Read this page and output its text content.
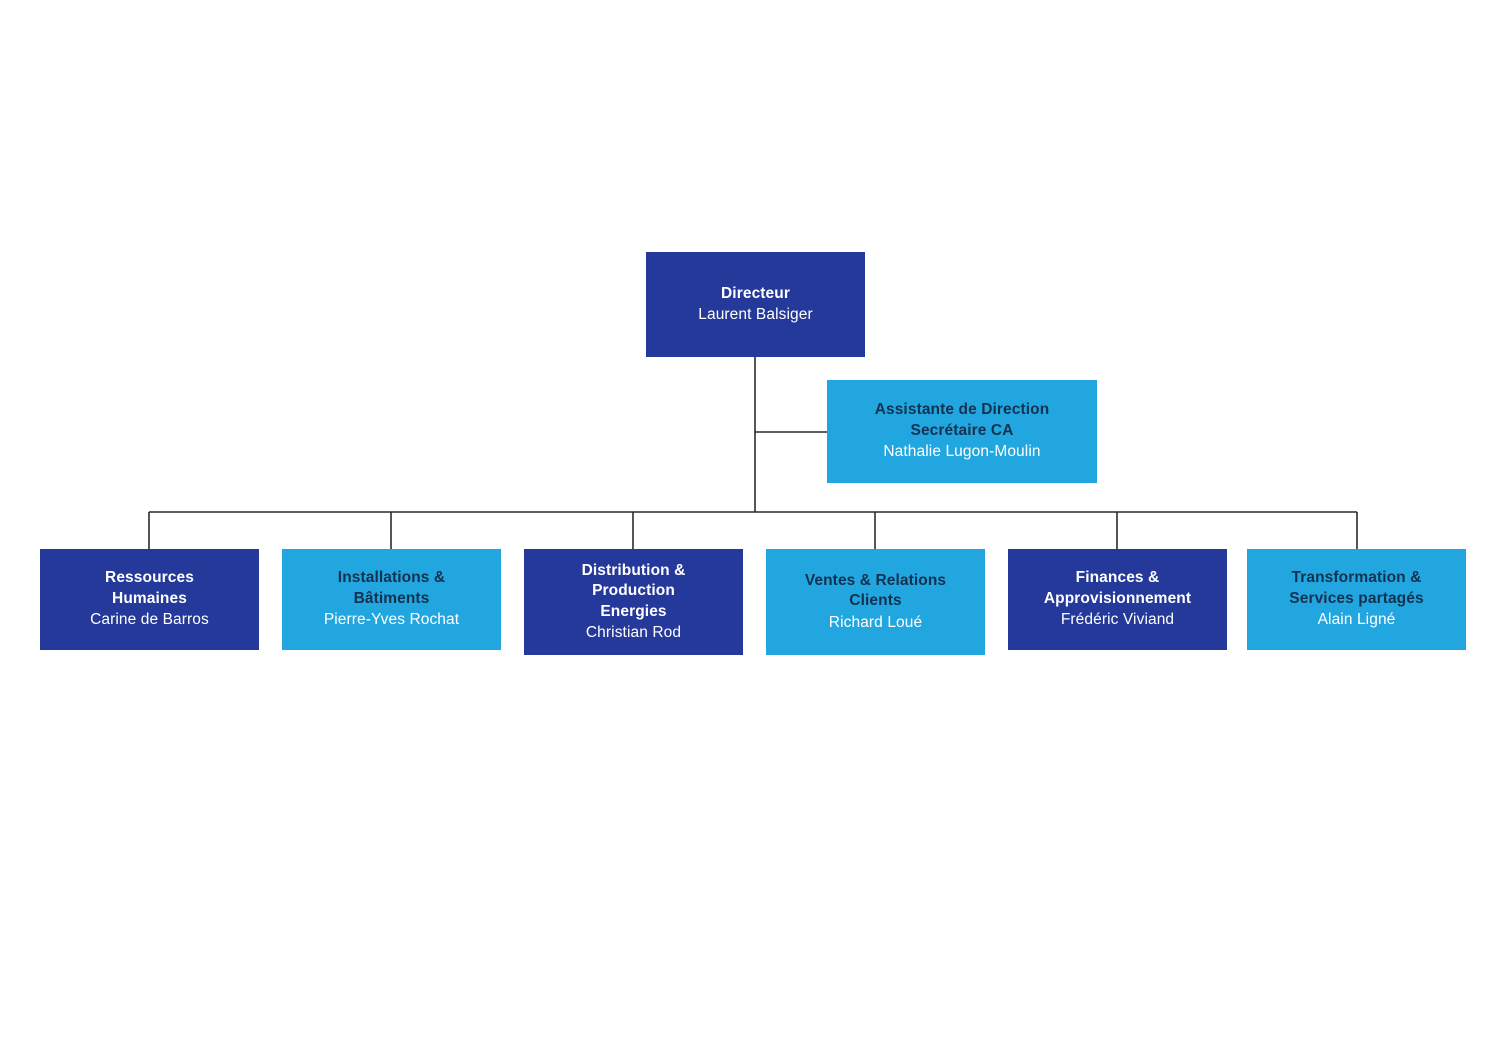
Directeur
Laurent Balsiger
Assistante de Direction
Secrétaire CA
Nathalie Lugon-Moulin
Ressources
Humaines
Carine de Barros
Installations &
Bâtiments
Pierre-Yves Rochat
Distribution &
Production
Energies
Christian Rod
Ventes & Relations
Clients
Richard Loué
Finances &
Approvisionnement
Frédéric Viviand
Transformation &
Services partagés
Alain Ligné
